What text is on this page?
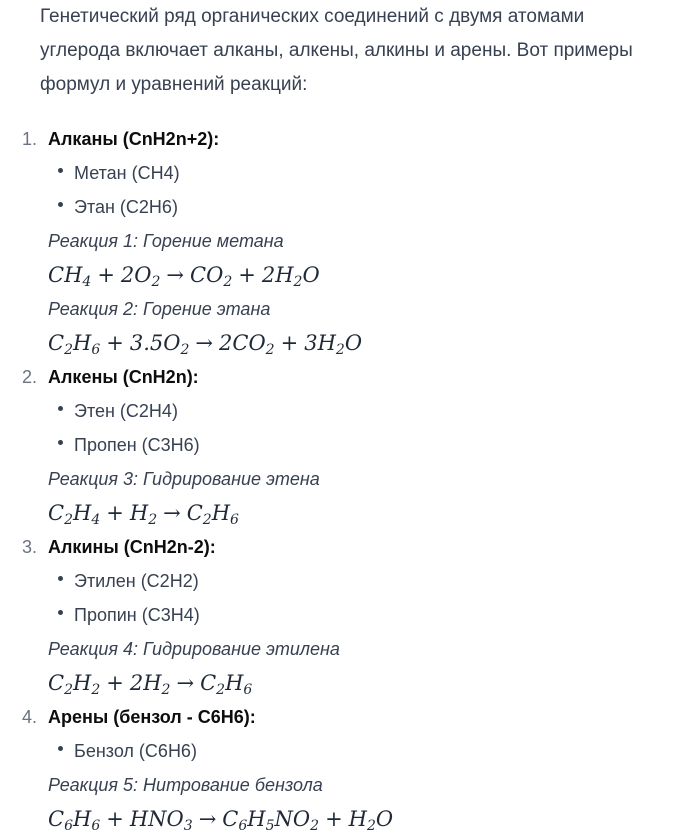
Генетический ряд органических соединений с двумя атомами углерода включает алканы, алкены, алкины и арены. Вот примеры формул и уравнений реакций:

1. Алканы (CnH2n+2):
Метан (CH4)
Этан (C2H6)
Реакция 1: Горение метана
$CH_4 + 2O_2 \to CO_2 + 2H_2O$
Реакция 2: Горение этана
$C_2H_6 + 3.5O_2 \to 2CO_2 + 3H_2O$
2. Алкены (CnH2n):
Этен (C2H4)
Пропен (C3H6)
Реакция 3: Гидрирование этена
$C_2H_4 + H_2 \to C_2H_6$
3. Алкины (CnH2n-2):
Этилен (C2H2)
Пропин (C3H4)
Реакция 4: Гидрирование этилена
$C_2H_2 + 2H_2 \to C_2H_6$
4. Арены (бензол - C6H6):
Бензол (C6H6)
Реакция 5: Нитрование бензола
$C_6H_6 + HNO_3 \to C_6H_5NO_2 + H_2O$
